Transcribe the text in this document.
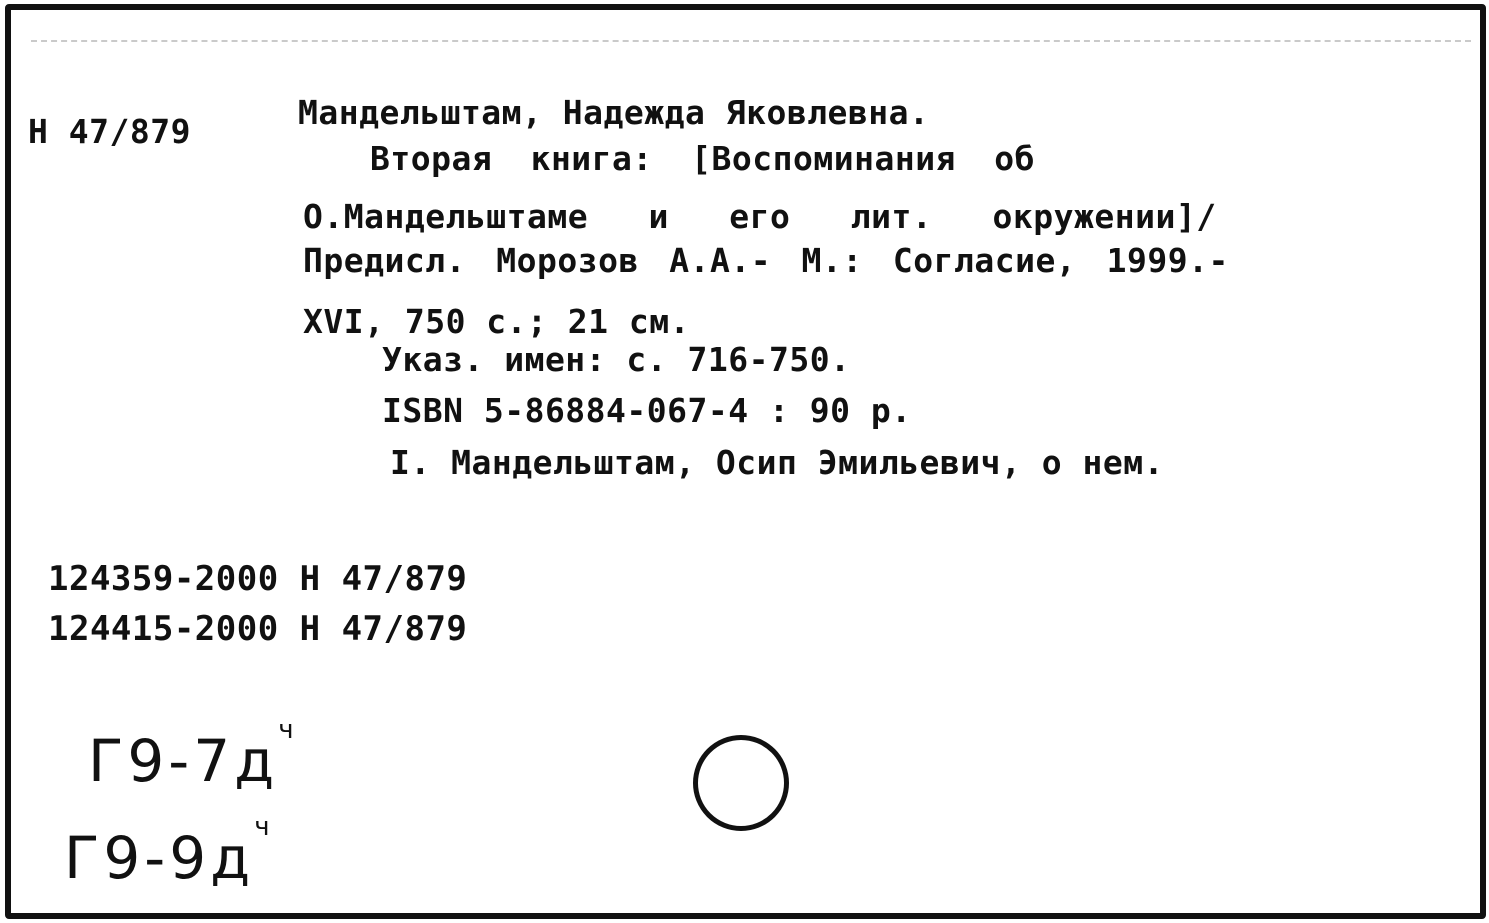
Н 47/879	Мандельштам, Надежда Яковлевна.
Вторая книга: [Воспоминания об
О.Мандельштаме и его лит. окружении]/
Предисл. Морозов А.А.- М.: Согласие, 1999.-
XVI, 750 с.; 21 см.
Указ. имен: с. 716-750.
ISBN 5-86884-067-4 : 90 р.
I. Мандельштам, Осип Эмильевич, о нем.
124359-2000 Н 47/879
124415-2000 Н 47/879
$Г9-7д^ч$
$Г9-9д^ч$
